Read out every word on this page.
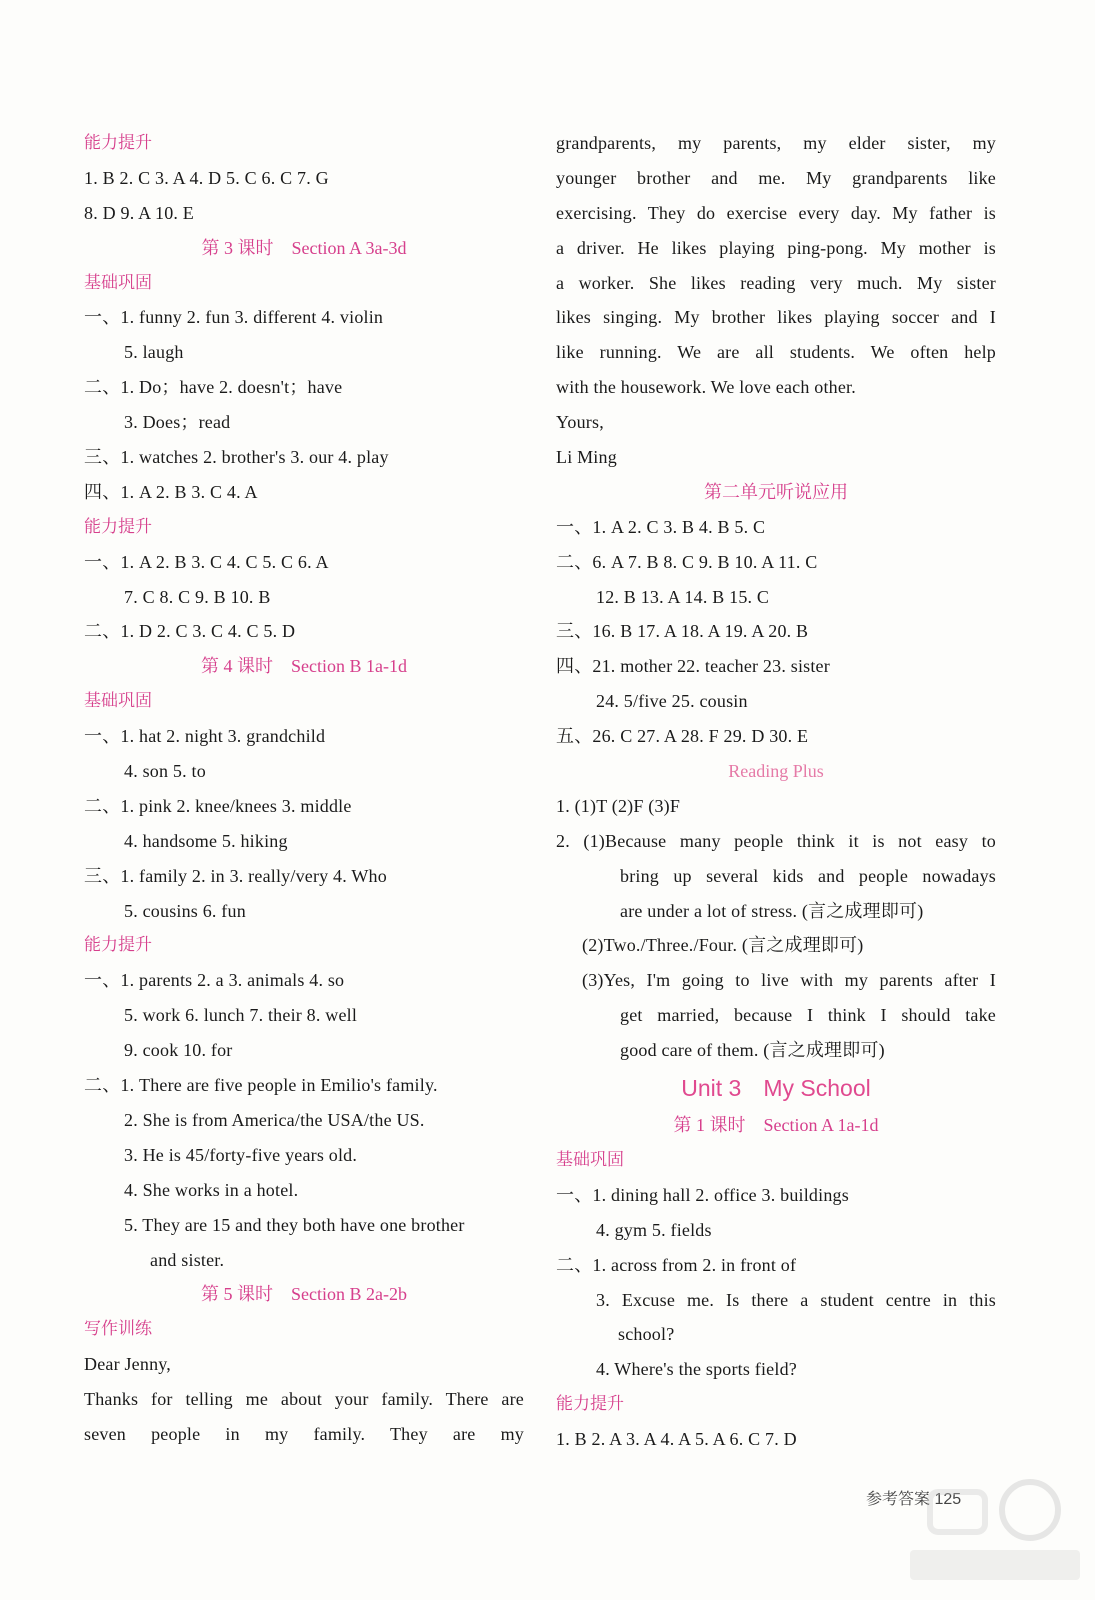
能力提升
1. B 2. C 3. A 4. D 5. C 6. C 7. G
8. D 9. A 10. E
第 3 课时 Section A 3a-3d
基础巩固
一、1. funny 2. fun 3. different 4. violin
5. laugh
二、1. Do；have 2. doesn't；have
3. Does；read
三、1. watches 2. brother's 3. our 4. play
四、1. A 2. B 3. C 4. A
能力提升
一、1. A 2. B 3. C 4. C 5. C 6. A
7. C 8. C 9. B 10. B
二、1. D 2. C 3. C 4. C 5. D
第 4 课时 Section B 1a-1d
基础巩固
一、1. hat 2. night 3. grandchild
4. son 5. to
二、1. pink 2. knee/knees 3. middle
4. handsome 5. hiking
三、1. family 2. in 3. really/very 4. Who
5. cousins 6. fun
能力提升
一、1. parents 2. a 3. animals 4. so
5. work 6. lunch 7. their 8. well
9. cook 10. for
二、1. There are five people in Emilio's family.
2. She is from America/the USA/the US.
3. He is 45/forty-five years old.
4. She works in a hotel.
5. They are 15 and they both have one brother
and sister.
第 5 课时 Section B 2a-2b
写作训练
Dear Jenny,
Thanks for telling me about your family. There are
seven people in my family. They are my
grandparents, my parents, my elder sister, my
younger brother and me. My grandparents like
exercising. They do exercise every day. My father is
a driver. He likes playing ping-pong. My mother is
a worker. She likes reading very much. My sister
likes singing. My brother likes playing soccer and I
like running. We are all students. We often help
with the housework. We love each other.
Yours,
Li Ming
第二单元听说应用
一、1. A 2. C 3. B 4. B 5. C
二、6. A 7. B 8. C 9. B 10. A 11. C
12. B 13. A 14. B 15. C
三、16. B 17. A 18. A 19. A 20. B
四、21. mother 22. teacher 23. sister
24. 5/five 25. cousin
五、26. C 27. A 28. F 29. D 30. E
Reading Plus
1. (1)T (2)F (3)F
2. (1)Because many people think it is not easy to
bring up several kids and people nowadays
are under a lot of stress. (言之成理即可)
(2)Two./Three./Four. (言之成理即可)
(3)Yes, I'm going to live with my parents after I
get married, because I think I should take
good care of them. (言之成理即可)
Unit 3 My School
第 1 课时 Section A 1a-1d
基础巩固
一、1. dining hall 2. office 3. buildings
4. gym 5. fields
二、1. across from 2. in front of
3. Excuse me. Is there a student centre in this
school?
4. Where's the sports field?
能力提升
1. B 2. A 3. A 4. A 5. A 6. C 7. D
参考答案 125
